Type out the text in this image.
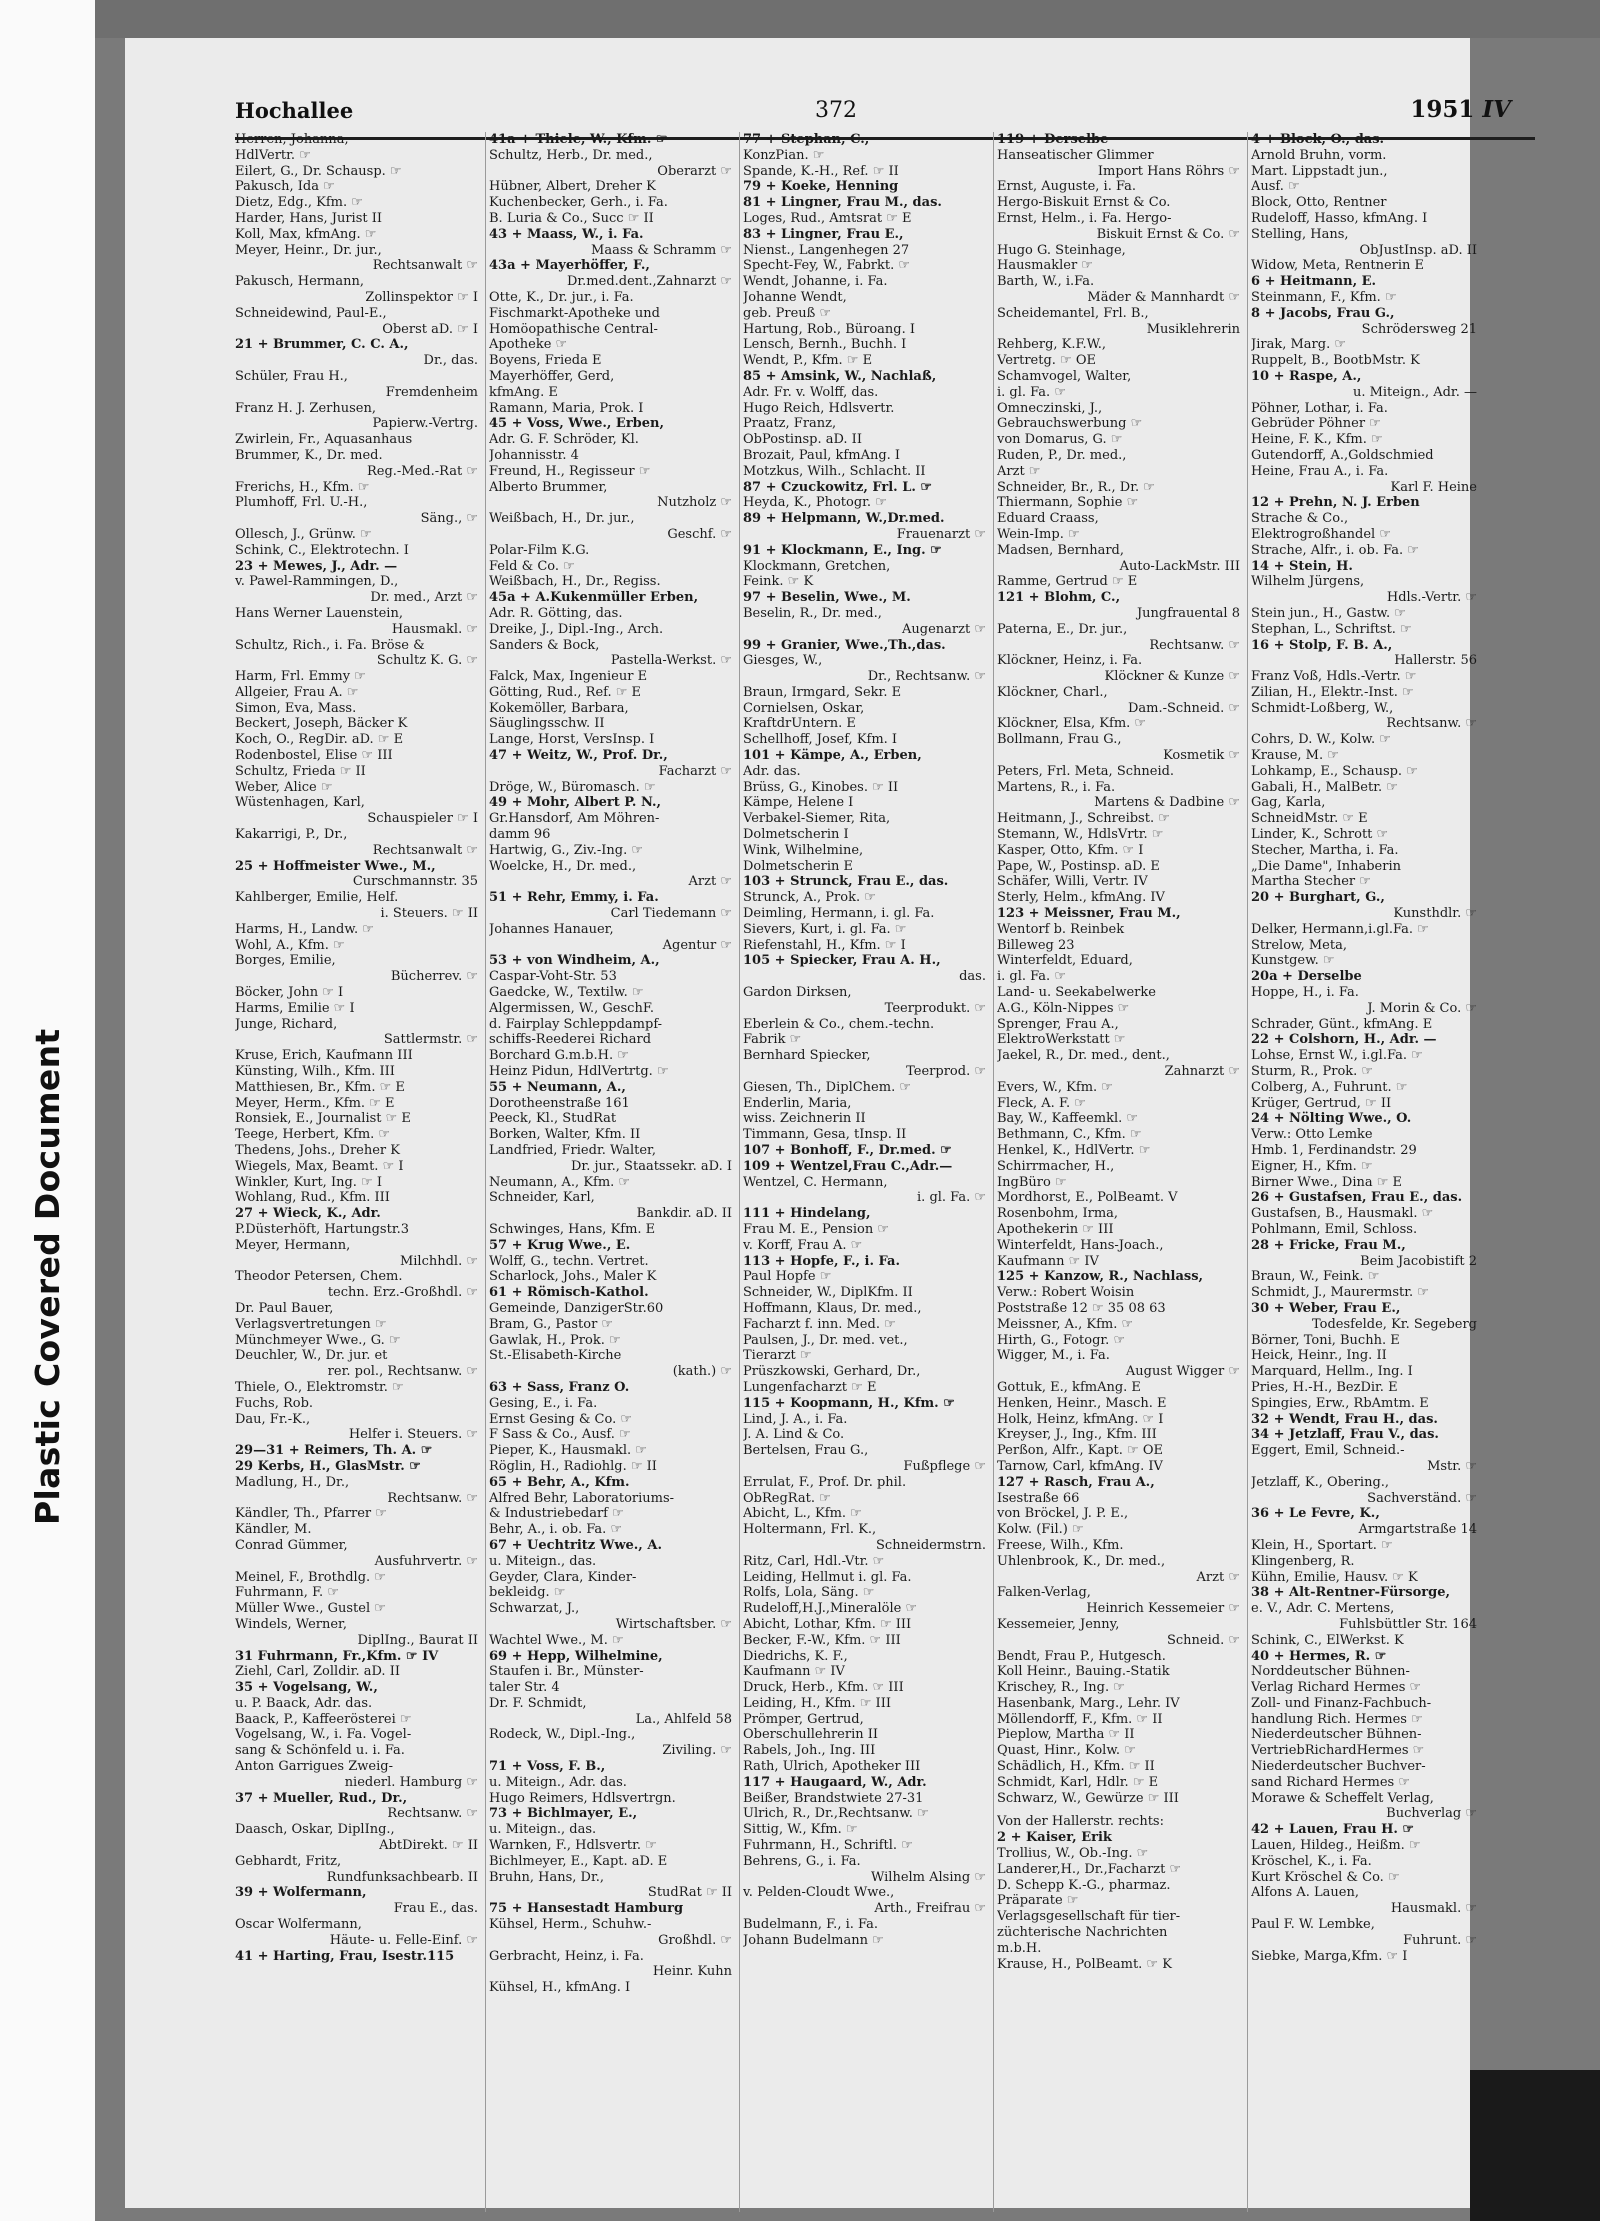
Plastic Covered Document
Hochallee	372	1951 IV
Herren, Johanna,
HdlVertr. ☞
Eilert, G., Dr. Schausp. ☞
Pakusch, Ida ☞
Dietz, Edg., Kfm. ☞
Harder, Hans, Jurist II
Koll, Max, kfmAng. ☞
Meyer, Heinr., Dr. jur.,
Rechtsanwalt ☞
Pakusch, Hermann,
Zollinspektor ☞ I
Schneidewind, Paul-E.,
Oberst aD. ☞ I
21 + Brummer, C. C. A.,
Dr., das.
Schüler, Frau H.,
Fremdenheim
Franz H. J. Zerhusen,
Papierw.-Vertrg.
Zwirlein, Fr., Aquasanhaus
Brummer, K., Dr. med.
Reg.-Med.-Rat ☞
Frerichs, H., Kfm. ☞
Plumhoff, Frl. U.-H.,
Säng., ☞
Ollesch, J., Grünw. ☞
Schink, C., Elektrotechn. I
23 + Mewes, J., Adr. —
v. Pawel-Rammingen, D.,
Dr. med., Arzt ☞
Hans Werner Lauenstein,
Hausmakl. ☞
Schultz, Rich., i. Fa. Bröse &
Schultz K. G. ☞
Harm, Frl. Emmy ☞
Allgeier, Frau A. ☞
Simon, Eva, Mass.
Beckert, Joseph, Bäcker K
Koch, O., RegDir. aD. ☞ E
Rodenbostel, Elise ☞ III
Schultz, Frieda ☞ II
Weber, Alice ☞
Wüstenhagen, Karl,
Schauspieler ☞ I
Kakarrigi, P., Dr.,
Rechtsanwalt ☞
25 + Hoffmeister Wwe., M.,
Curschmannstr. 35
Kahlberger, Emilie, Helf.
i. Steuers. ☞ II
Harms, H., Landw. ☞
Wohl, A., Kfm. ☞
Borges, Emilie,
Bücherrev. ☞
Böcker, John ☞ I
Harms, Emilie ☞ I
Junge, Richard,
Sattlermstr. ☞
Kruse, Erich, Kaufmann III
Künsting, Wilh., Kfm. III
Matthiesen, Br., Kfm. ☞ E
Meyer, Herm., Kfm. ☞ E
Ronsiek, E., Journalist ☞ E
Teege, Herbert, Kfm. ☞
Thedens, Johs., Dreher K
Wiegels, Max, Beamt. ☞ I
Winkler, Kurt, Ing. ☞ I
Wohlang, Rud., Kfm. III
27 + Wieck, K., Adr.
P.Düsterhöft, Hartungstr.3
Meyer, Hermann,
Milchhdl. ☞
Theodor Petersen, Chem.
techn. Erz.-Großhdl. ☞
Dr. Paul Bauer,
Verlagsvertretungen ☞
Münchmeyer Wwe., G. ☞
Deuchler, W., Dr. jur. et
rer. pol., Rechtsanw. ☞
Thiele, O., Elektromstr. ☞
Fuchs, Rob.
Dau, Fr.-K.,
Helfer i. Steuers. ☞
29—31 + Reimers, Th. A. ☞
29 Kerbs, H., GlasMstr. ☞
Madlung, H., Dr.,
Rechtsanw. ☞
Kändler, Th., Pfarrer ☞
Kändler, M.
Conrad Gümmer,
Ausfuhrvertr. ☞
Meinel, F., Brothdlg. ☞
Fuhrmann, F. ☞
Müller Wwe., Gustel ☞
Windels, Werner,
DiplIng., Baurat II
31 Fuhrmann, Fr.,Kfm. ☞ IV
Ziehl, Carl, Zolldir. aD. II
35 + Vogelsang, W.,
u. P. Baack, Adr. das.
Baack, P., Kaffeerösterei ☞
Vogelsang, W., i. Fa. Vogel-
sang & Schönfeld u. i. Fa.
Anton Garrigues Zweig-
niederl. Hamburg ☞
37 + Mueller, Rud., Dr.,
Rechtsanw. ☞
Daasch, Oskar, DiplIng.,
AbtDirekt. ☞ II
Gebhardt, Fritz,
Rundfunksachbearb. II
39 + Wolfermann,
Frau E., das.
Oscar Wolfermann,
Häute- u. Felle-Einf. ☞
41 + Harting, Frau, Isestr.115
41a + Thiele, W., Kfm. ☞
Schultz, Herb., Dr. med.,
Oberarzt ☞
Hübner, Albert, Dreher K
Kuchenbecker, Gerh., i. Fa.
B. Luria & Co., Succ ☞ II
43 + Maass, W., i. Fa.
Maass & Schramm ☞
43a + Mayerhöffer, F.,
Dr.med.dent.,Zahnarzt ☞
Otte, K., Dr. jur., i. Fa.
Fischmarkt-Apotheke und
Homöopathische Central-
Apotheke ☞
Boyens, Frieda E
Mayerhöffer, Gerd,
kfmAng. E
Ramann, Maria, Prok. I
45 + Voss, Wwe., Erben,
Adr. G. F. Schröder, Kl.
Johannisstr. 4
Freund, H., Regisseur ☞
Alberto Brummer,
Nutzholz ☞
Weißbach, H., Dr. jur.,
Geschf. ☞
Polar-Film K.G.
Feld & Co. ☞
Weißbach, H., Dr., Regiss.
45a + A.Kukenmüller Erben,
Adr. R. Götting, das.
Dreike, J., Dipl.-Ing., Arch.
Sanders & Bock,
Pastella-Werkst. ☞
Falck, Max, Ingenieur E
Götting, Rud., Ref. ☞ E
Kokemöller, Barbara,
Säuglingsschw. II
Lange, Horst, VersInsp. I
47 + Weitz, W., Prof. Dr.,
Facharzt ☞
Dröge, W., Büromasch. ☞
49 + Mohr, Albert P. N.,
Gr.Hansdorf, Am Möhren-
damm 96
Hartwig, G., Ziv.-Ing. ☞
Woelcke, H., Dr. med.,
Arzt ☞
51 + Rehr, Emmy, i. Fa.
Carl Tiedemann ☞
Johannes Hanauer,
Agentur ☞
53 + von Windheim, A.,
Caspar-Voht-Str. 53
Gaedcke, W., Textilw. ☞
Algermissen, W., GeschF.
d. Fairplay Schleppdampf-
schiffs-Reederei Richard
Borchard G.m.b.H. ☞
Heinz Pidun, HdlVertrtg. ☞
55 + Neumann, A.,
Dorotheenstraße 161
Peeck, Kl., StudRat
Borken, Walter, Kfm. II
Landfried, Friedr. Walter,
Dr. jur., Staatssekr. aD. I
Neumann, A., Kfm. ☞
Schneider, Karl,
Bankdir. aD. II
Schwinges, Hans, Kfm. E
57 + Krug Wwe., E.
Wolff, G., techn. Vertret.
Scharlock, Johs., Maler K
61 + Römisch-Kathol.
Gemeinde, DanzigerStr.60
Bram, G., Pastor ☞
Gawlak, H., Prok. ☞
St.-Elisabeth-Kirche
(kath.) ☞
63 + Sass, Franz O.
Gesing, E., i. Fa.
Ernst Gesing & Co. ☞
F Sass & Co., Ausf. ☞
Pieper, K., Hausmakl. ☞
Röglin, H., Radiohlg. ☞ II
65 + Behr, A., Kfm.
Alfred Behr, Laboratoriums-
& Industriebedarf ☞
Behr, A., i. ob. Fa. ☞
67 + Uechtritz Wwe., A.
u. Miteign., das.
Geyder, Clara, Kinder-
bekleidg. ☞
Schwarzat, J.,
Wirtschaftsber. ☞
Wachtel Wwe., M. ☞
69 + Hepp, Wilhelmine,
Staufen i. Br., Münster-
taler Str. 4
Dr. F. Schmidt,
La., Ahlfeld 58
Rodeck, W., Dipl.-Ing.,
Ziviling. ☞
71 + Voss, F. B.,
u. Miteign., Adr. das.
Hugo Reimers, Hdlsvertrgn.
73 + Bichlmayer, E.,
u. Miteign., das.
Warnken, F., Hdlsvertr. ☞
Bichlmeyer, E., Kapt. aD. E
Bruhn, Hans, Dr.,
StudRat ☞ II
75 + Hansestadt Hamburg
Kühsel, Herm., Schuhw.-
Großhdl. ☞
Gerbracht, Heinz, i. Fa.
Heinr. Kuhn
Kühsel, H., kfmAng. I
77 + Stephan, C.,
KonzPian. ☞
Spande, K.-H., Ref. ☞ II
79 + Koeke, Henning
81 + Lingner, Frau M., das.
Loges, Rud., Amtsrat ☞ E
83 + Lingner, Frau E.,
Nienst., Langenhegen 27
Specht-Fey, W., Fabrkt. ☞
Wendt, Johanne, i. Fa.
Johanne Wendt,
geb. Preuß ☞
Hartung, Rob., Büroang. I
Lensch, Bernh., Buchh. I
Wendt, P., Kfm. ☞ E
85 + Amsink, W., Nachlaß,
Adr. Fr. v. Wolff, das.
Hugo Reich, Hdlsvertr.
Praatz, Franz,
ObPostinsp. aD. II
Brozait, Paul, kfmAng. I
Motzkus, Wilh., Schlacht. II
87 + Czuckowitz, Frl. L. ☞
Heyda, K., Photogr. ☞
89 + Helpmann, W.,Dr.med.
Frauenarzt ☞
91 + Klockmann, E., Ing. ☞
Klockmann, Gretchen,
Feink. ☞ K
97 + Beselin, Wwe., M.
Beselin, R., Dr. med.,
Augenarzt ☞
99 + Granier, Wwe.,Th.,das.
Giesges, W.,
Dr., Rechtsanw. ☞
Braun, Irmgard, Sekr. E
Cornielsen, Oskar,
KraftdrUntern. E
Schellhoff, Josef, Kfm. I
101 + Kämpe, A., Erben,
Adr. das.
Brüss, G., Kinobes. ☞ II
Kämpe, Helene I
Verbakel-Siemer, Rita,
Dolmetscherin I
Wink, Wilhelmine,
Dolmetscherin E
103 + Strunck, Frau E., das.
Strunck, A., Prok. ☞
Deimling, Hermann, i. gl. Fa.
Sievers, Kurt, i. gl. Fa. ☞
Riefenstahl, H., Kfm. ☞ I
105 + Spiecker, Frau A. H.,
das.
Gardon Dirksen,
Teerprodukt. ☞
Eberlein & Co., chem.-techn.
Fabrik ☞
Bernhard Spiecker,
Teerprod. ☞
Giesen, Th., DiplChem. ☞
Enderlin, Maria,
wiss. Zeichnerin II
Timmann, Gesa, tInsp. II
107 + Bonhoff, F., Dr.med. ☞
109 + Wentzel,Frau C.,Adr.—
Wentzel, C. Hermann,
i. gl. Fa. ☞
111 + Hindelang,
Frau M. E., Pension ☞
v. Korff, Frau A. ☞
113 + Hopfe, F., i. Fa.
Paul Hopfe ☞
Schneider, W., DiplKfm. II
Hoffmann, Klaus, Dr. med.,
Facharzt f. inn. Med. ☞
Paulsen, J., Dr. med. vet.,
Tierarzt ☞
Prüszkowski, Gerhard, Dr.,
Lungenfacharzt ☞ E
115 + Koopmann, H., Kfm. ☞
Lind, J. A., i. Fa.
J. A. Lind & Co.
Bertelsen, Frau G.,
Fußpflege ☞
Errulat, F., Prof. Dr. phil.
ObRegRat. ☞
Abicht, L., Kfm. ☞
Holtermann, Frl. K.,
Schneidermstrn.
Ritz, Carl, Hdl.-Vtr. ☞
Leiding, Hellmut i. gl. Fa.
Rolfs, Lola, Säng. ☞
Rudeloff,H.J.,Mineralöle ☞
Abicht, Lothar, Kfm. ☞ III
Becker, F.-W., Kfm. ☞ III
Diedrichs, K. F.,
Kaufmann ☞ IV
Druck, Herb., Kfm. ☞ III
Leiding, H., Kfm. ☞ III
Prömper, Gertrud,
Oberschullehrerin II
Rabels, Joh., Ing. III
Rath, Ulrich, Apotheker III
117 + Haugaard, W., Adr.
Beißer, Brandstwiete 27-31
Ulrich, R., Dr.,Rechtsanw. ☞
Sittig, W., Kfm. ☞
Fuhrmann, H., Schriftl. ☞
Behrens, G., i. Fa.
Wilhelm Alsing ☞
v. Pelden-Cloudt Wwe.,
Arth., Freifrau ☞
Budelmann, F., i. Fa.
Johann Budelmann ☞
119 + Derselbe
Hanseatischer Glimmer
Import Hans Röhrs ☞
Ernst, Auguste, i. Fa.
Hergo-Biskuit Ernst & Co.
Ernst, Helm., i. Fa. Hergo-
Biskuit Ernst & Co. ☞
Hugo G. Steinhage,
Hausmakler ☞
Barth, W., i.Fa.
Mäder & Mannhardt ☞
Scheidemantel, Frl. B.,
Musiklehrerin
Rehberg, K.F.W.,
Vertretg. ☞ OE
Schamvogel, Walter,
i. gl. Fa. ☞
Omneczinski, J.,
Gebrauchswerbung ☞
von Domarus, G. ☞
Ruden, P., Dr. med.,
Arzt ☞
Schneider, Br., R., Dr. ☞
Thiermann, Sophie ☞
Eduard Craass,
Wein-Imp. ☞
Madsen, Bernhard,
Auto-LackMstr. III
Ramme, Gertrud ☞ E
121 + Blohm, C.,
Jungfrauental 8
Paterna, E., Dr. jur.,
Rechtsanw. ☞
Klöckner, Heinz, i. Fa.
Klöckner & Kunze ☞
Klöckner, Charl.,
Dam.-Schneid. ☞
Klöckner, Elsa, Kfm. ☞
Bollmann, Frau G.,
Kosmetik ☞
Peters, Frl. Meta, Schneid.
Martens, R., i. Fa.
Martens & Dadbine ☞
Heitmann, J., Schreibst. ☞
Stemann, W., HdlsVrtr. ☞
Kasper, Otto, Kfm. ☞ I
Pape, W., Postinsp. aD. E
Schäfer, Willi, Vertr. IV
Sterly, Helm., kfmAng. IV
123 + Meissner, Frau M.,
Wentorf b. Reinbek
Billeweg 23
Winterfeldt, Eduard,
i. gl. Fa. ☞
Land- u. Seekabelwerke
A.G., Köln-Nippes ☞
Sprenger, Frau A.,
ElektroWerkstatt ☞
Jaekel, R., Dr. med., dent.,
Zahnarzt ☞
Evers, W., Kfm. ☞
Fleck, A. F. ☞
Bay, W., Kaffeemkl. ☞
Bethmann, C., Kfm. ☞
Henkel, K., HdlVertr. ☞
Schirrmacher, H.,
IngBüro ☞
Mordhorst, E., PolBeamt. V
Rosenbohm, Irma,
Apothekerin ☞ III
Winterfeldt, Hans-Joach.,
Kaufmann ☞ IV
125 + Kanzow, R., Nachlass,
Verw.: Robert Woisin
Poststraße 12 ☞ 35 08 63
Meissner, A., Kfm. ☞
Hirth, G., Fotogr. ☞
Wigger, M., i. Fa.
August Wigger ☞
Gottuk, E., kfmAng. E
Henken, Heinr., Masch. E
Holk, Heinz, kfmAng. ☞ I
Kreyser, J., Ing., Kfm. III
Perßon, Alfr., Kapt. ☞ OE
Tarnow, Carl, kfmAng. IV
127 + Rasch, Frau A.,
Isestraße 66
von Bröckel, J. P. E.,
Kolw. (Fil.) ☞
Freese, Wilh., Kfm.
Uhlenbrook, K., Dr. med.,
Arzt ☞
Falken-Verlag,
Heinrich Kessemeier ☞
Kessemeier, Jenny,
Schneid. ☞
Bendt, Frau P., Hutgesch.
Koll Heinr., Bauing.-Statik
Krischey, R., Ing. ☞
Hasenbank, Marg., Lehr. IV
Möllendorff, F., Kfm. ☞ II
Pieplow, Martha ☞ II
Quast, Hinr., Kolw. ☞
Schädlich, H., Kfm. ☞ II
Schmidt, Karl, Hdlr. ☞ E
Schwarz, W., Gewürze ☞ III
Von der Hallerstr. rechts:
2 + Kaiser, Erik
Trollius, W., Ob.-Ing. ☞
Landerer,H., Dr.,Facharzt ☞
D. Schepp K.-G., pharmaz.
Präparate ☞
Verlagsgesellschaft für tier-
züchterische Nachrichten
m.b.H.
Krause, H., PolBeamt. ☞ K
4 + Block, O., das.
Arnold Bruhn, vorm.
Mart. Lippstadt jun.,
Ausf. ☞
Block, Otto, Rentner
Rudeloff, Hasso, kfmAng. I
Stelling, Hans,
ObJustInsp. aD. II
Widow, Meta, Rentnerin E
6 + Heitmann, E.
Steinmann, F., Kfm. ☞
8 + Jacobs, Frau G.,
Schrödersweg 21
Jirak, Marg. ☞
Ruppelt, B., BootbMstr. K
10 + Raspe, A.,
u. Miteign., Adr. —
Pöhner, Lothar, i. Fa.
Gebrüder Pöhner ☞
Heine, F. K., Kfm. ☞
Gutendorff, A.,Goldschmied
Heine, Frau A., i. Fa.
Karl F. Heine
12 + Prehn, N. J. Erben
Strache & Co.,
Elektrogroßhandel ☞
Strache, Alfr., i. ob. Fa. ☞
14 + Stein, H.
Wilhelm Jürgens,
Hdls.-Vertr. ☞
Stein jun., H., Gastw. ☞
Stephan, L., Schriftst. ☞
16 + Stolp, F. B. A.,
Hallerstr. 56
Franz Voß, Hdls.-Vertr. ☞
Zilian, H., Elektr.-Inst. ☞
Schmidt-Loßberg, W.,
Rechtsanw. ☞
Cohrs, D. W., Kolw. ☞
Krause, M. ☞
Lohkamp, E., Schausp. ☞
Gabali, H., MalBetr. ☞
Gag, Karla,
SchneidMstr. ☞ E
Linder, K., Schrott ☞
Stecher, Martha, i. Fa.
„Die Dame", Inhaberin
Martha Stecher ☞
20 + Burghart, G.,
Kunsthdlr. ☞
Delker, Hermann,i.gl.Fa. ☞
Strelow, Meta,
Kunstgew. ☞
20a + Derselbe
Hoppe, H., i. Fa.
J. Morin & Co. ☞
Schrader, Günt., kfmAng. E
22 + Colshorn, H., Adr. —
Lohse, Ernst W., i.gl.Fa. ☞
Sturm, R., Prok. ☞
Colberg, A., Fuhrunt. ☞
Krüger, Gertrud, ☞ II
24 + Nölting Wwe., O.
Verw.: Otto Lemke
Hmb. 1, Ferdinandstr. 29
Eigner, H., Kfm. ☞
Birner Wwe., Dina ☞ E
26 + Gustafsen, Frau E., das.
Gustafsen, B., Hausmakl. ☞
Pohlmann, Emil, Schloss.
28 + Fricke, Frau M.,
Beim Jacobistift 2
Braun, W., Feink. ☞
Schmidt, J., Maurermstr. ☞
30 + Weber, Frau E.,
Todesfelde, Kr. Segeberg
Börner, Toni, Buchh. E
Heick, Heinr., Ing. II
Marquard, Hellm., Ing. I
Pries, H.-H., BezDir. E
Spingies, Erw., RbAmtm. E
32 + Wendt, Frau H., das.
34 + Jetzlaff, Frau V., das.
Eggert, Emil, Schneid.-
Mstr. ☞
Jetzlaff, K., Obering.,
Sachverständ. ☞
36 + Le Fevre, K.,
Armgartstraße 14
Klein, H., Sportart. ☞
Klingenberg, R.
Kühn, Emilie, Hausv. ☞ K
38 + Alt-Rentner-Fürsorge,
e. V., Adr. C. Mertens,
Fuhlsbüttler Str. 164
Schink, C., ElWerkst. K
40 + Hermes, R. ☞
Norddeutscher Bühnen-
Verlag Richard Hermes ☞
Zoll- und Finanz-Fachbuch-
handlung Rich. Hermes ☞
Niederdeutscher Bühnen-
VertriebRichardHermes ☞
Niederdeutscher Buchver-
sand Richard Hermes ☞
Morawe & Scheffelt Verlag,
Buchverlag ☞
42 + Lauen, Frau H. ☞
Lauen, Hildeg., Heißm. ☞
Kröschel, K., i. Fa.
Kurt Kröschel & Co. ☞
Alfons A. Lauen,
Hausmakl. ☞
Paul F. W. Lembke,
Fuhrunt. ☞
Siebke, Marga,Kfm. ☞ I
